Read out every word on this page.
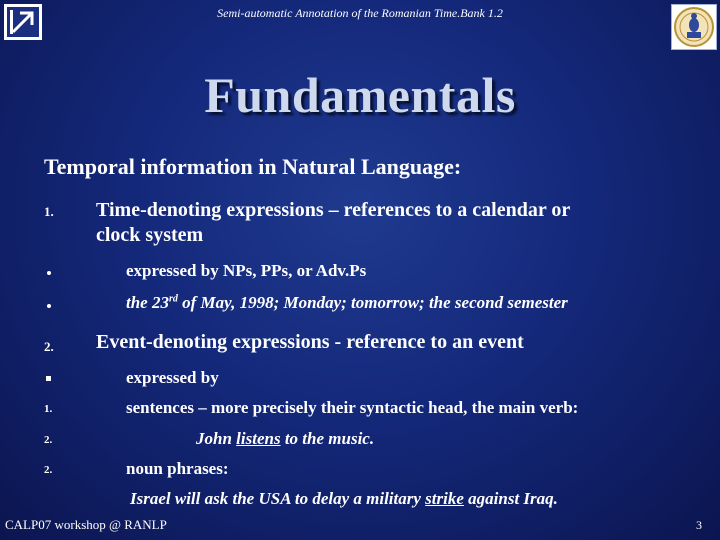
Semi-automatic Annotation of the Romanian Time.Bank 1.2
Fundamentals
Temporal information in Natural Language:
1. Time-denoting expressions – references to a calendar or
clock system
expressed by NPs, PPs, or Adv.Ps
the 23rd of May, 1998; Monday; tomorrow; the second semester
2. Event-denoting expressions - reference to an event
expressed by
1.	sentences – more precisely their syntactic head, the main verb:
2.	John listens to the music.
2.	noun phrases:
Israel will ask the USA to delay a military strike against Iraq.
CALP07 workshop @ RANLP	3
